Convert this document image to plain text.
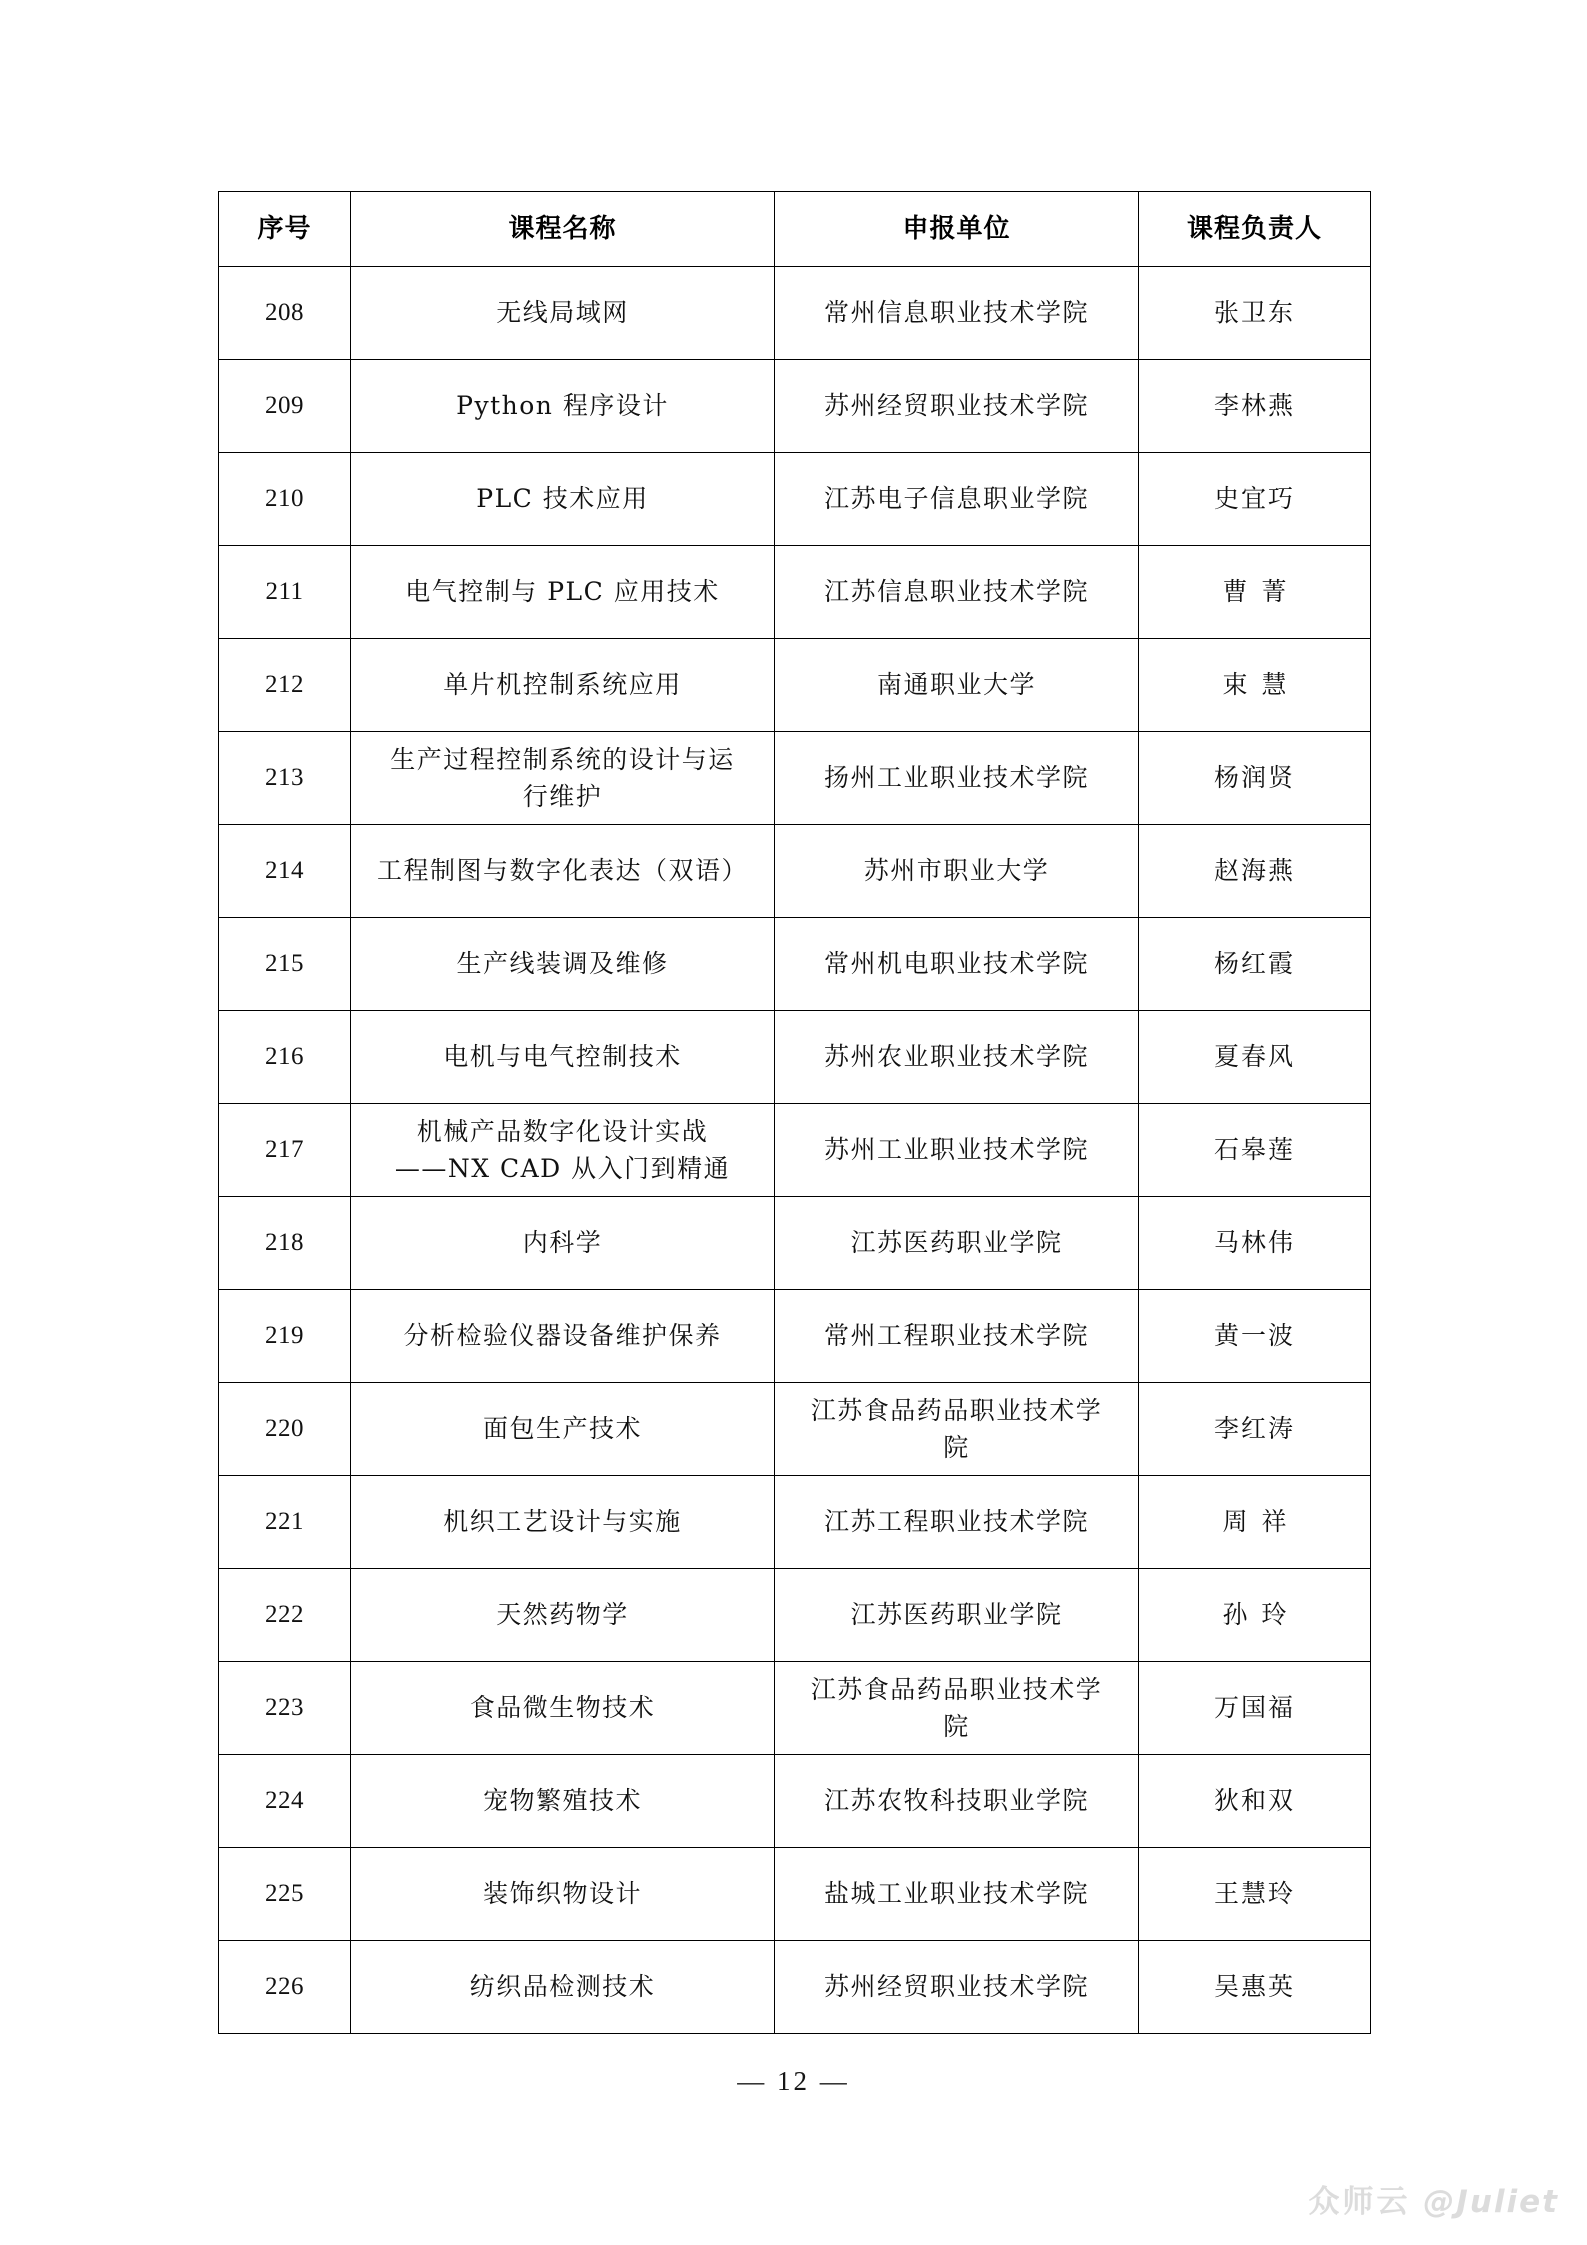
序号	课程名称	申报单位	课程负责人
208	无线局域网	常州信息职业技术学院	张卫东
209	Python 程序设计	苏州经贸职业技术学院	李林燕
210	PLC 技术应用	江苏电子信息职业学院	史宜巧
211	电气控制与 PLC 应用技术	江苏信息职业技术学院	曹菁
212	单片机控制系统应用	南通职业大学	束慧
213	生产过程控制系统的设计与运
行维护	扬州工业职业技术学院	杨润贤
214	工程制图与数字化表达（双语）	苏州市职业大学	赵海燕
215	生产线装调及维修	常州机电职业技术学院	杨红霞
216	电机与电气控制技术	苏州农业职业技术学院	夏春风
217	机械产品数字化设计实战
——NX CAD 从入门到精通	苏州工业职业技术学院	石皋莲
218	内科学	江苏医药职业学院	马林伟
219	分析检验仪器设备维护保养	常州工程职业技术学院	黄一波
220	面包生产技术	江苏食品药品职业技术学
院	李红涛
221	机织工艺设计与实施	江苏工程职业技术学院	周祥
222	天然药物学	江苏医药职业学院	孙玲
223	食品微生物技术	江苏食品药品职业技术学
院	万国福
224	宠物繁殖技术	江苏农牧科技职业学院	狄和双
225	装饰织物设计	盐城工业职业技术学院	王慧玲
226	纺织品检测技术	苏州经贸职业技术学院	吴惠英
— 12 —
众师云 @Juliet
